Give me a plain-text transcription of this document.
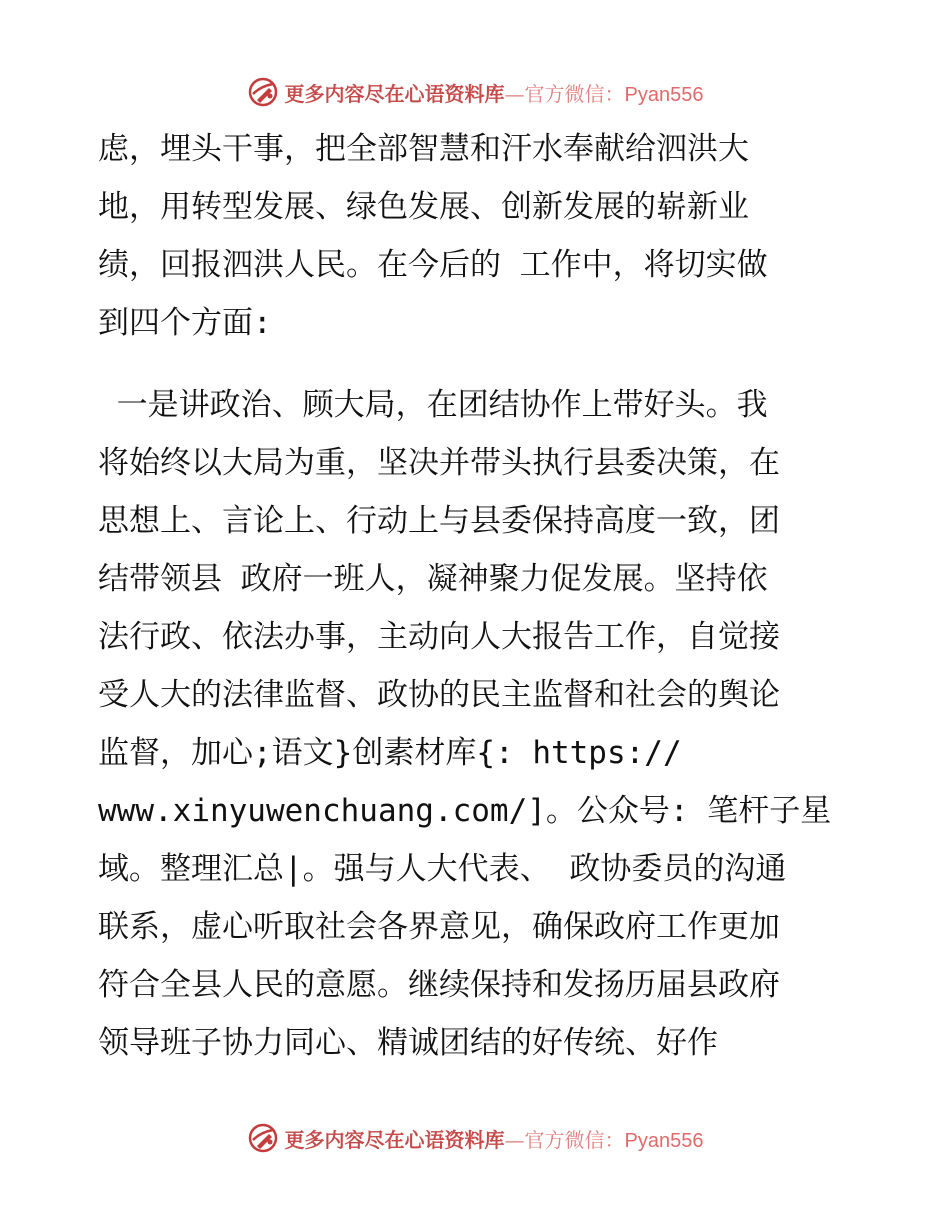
更多内容尽在心语资料库—官方微信：Pyan556
虑，埋头干事，把全部智慧和汗水奉献给泗洪大
地，用转型发展、绿色发展、创新发展的崭新业
绩，回报泗洪人民。在今后的 工作中，将切实做
到四个方面:
一是讲政治、顾大局，在团结协作上带好头。我
将始终以大局为重，坚决并带头执行县委决策，在
思想上、言论上、行动上与县委保持高度一致，团
结带领县 政府一班人，凝神聚力促发展。坚持依
法行政、依法办事，主动向人大报告工作，自觉接
受人大的法律监督、政协的民主监督和社会的舆论
监督，加心;语文}创素材库{: https://
www.xinyuwenchuang.com/]。公众号: 笔杆子星
域。整理汇总|。强与人大代表、 政协委员的沟通
联系，虚心听取社会各界意见，确保政府工作更加
符合全县人民的意愿。继续保持和发扬历届县政府
领导班子协力同心、精诚团结的好传统、好作
更多内容尽在心语资料库—官方微信：Pyan556
